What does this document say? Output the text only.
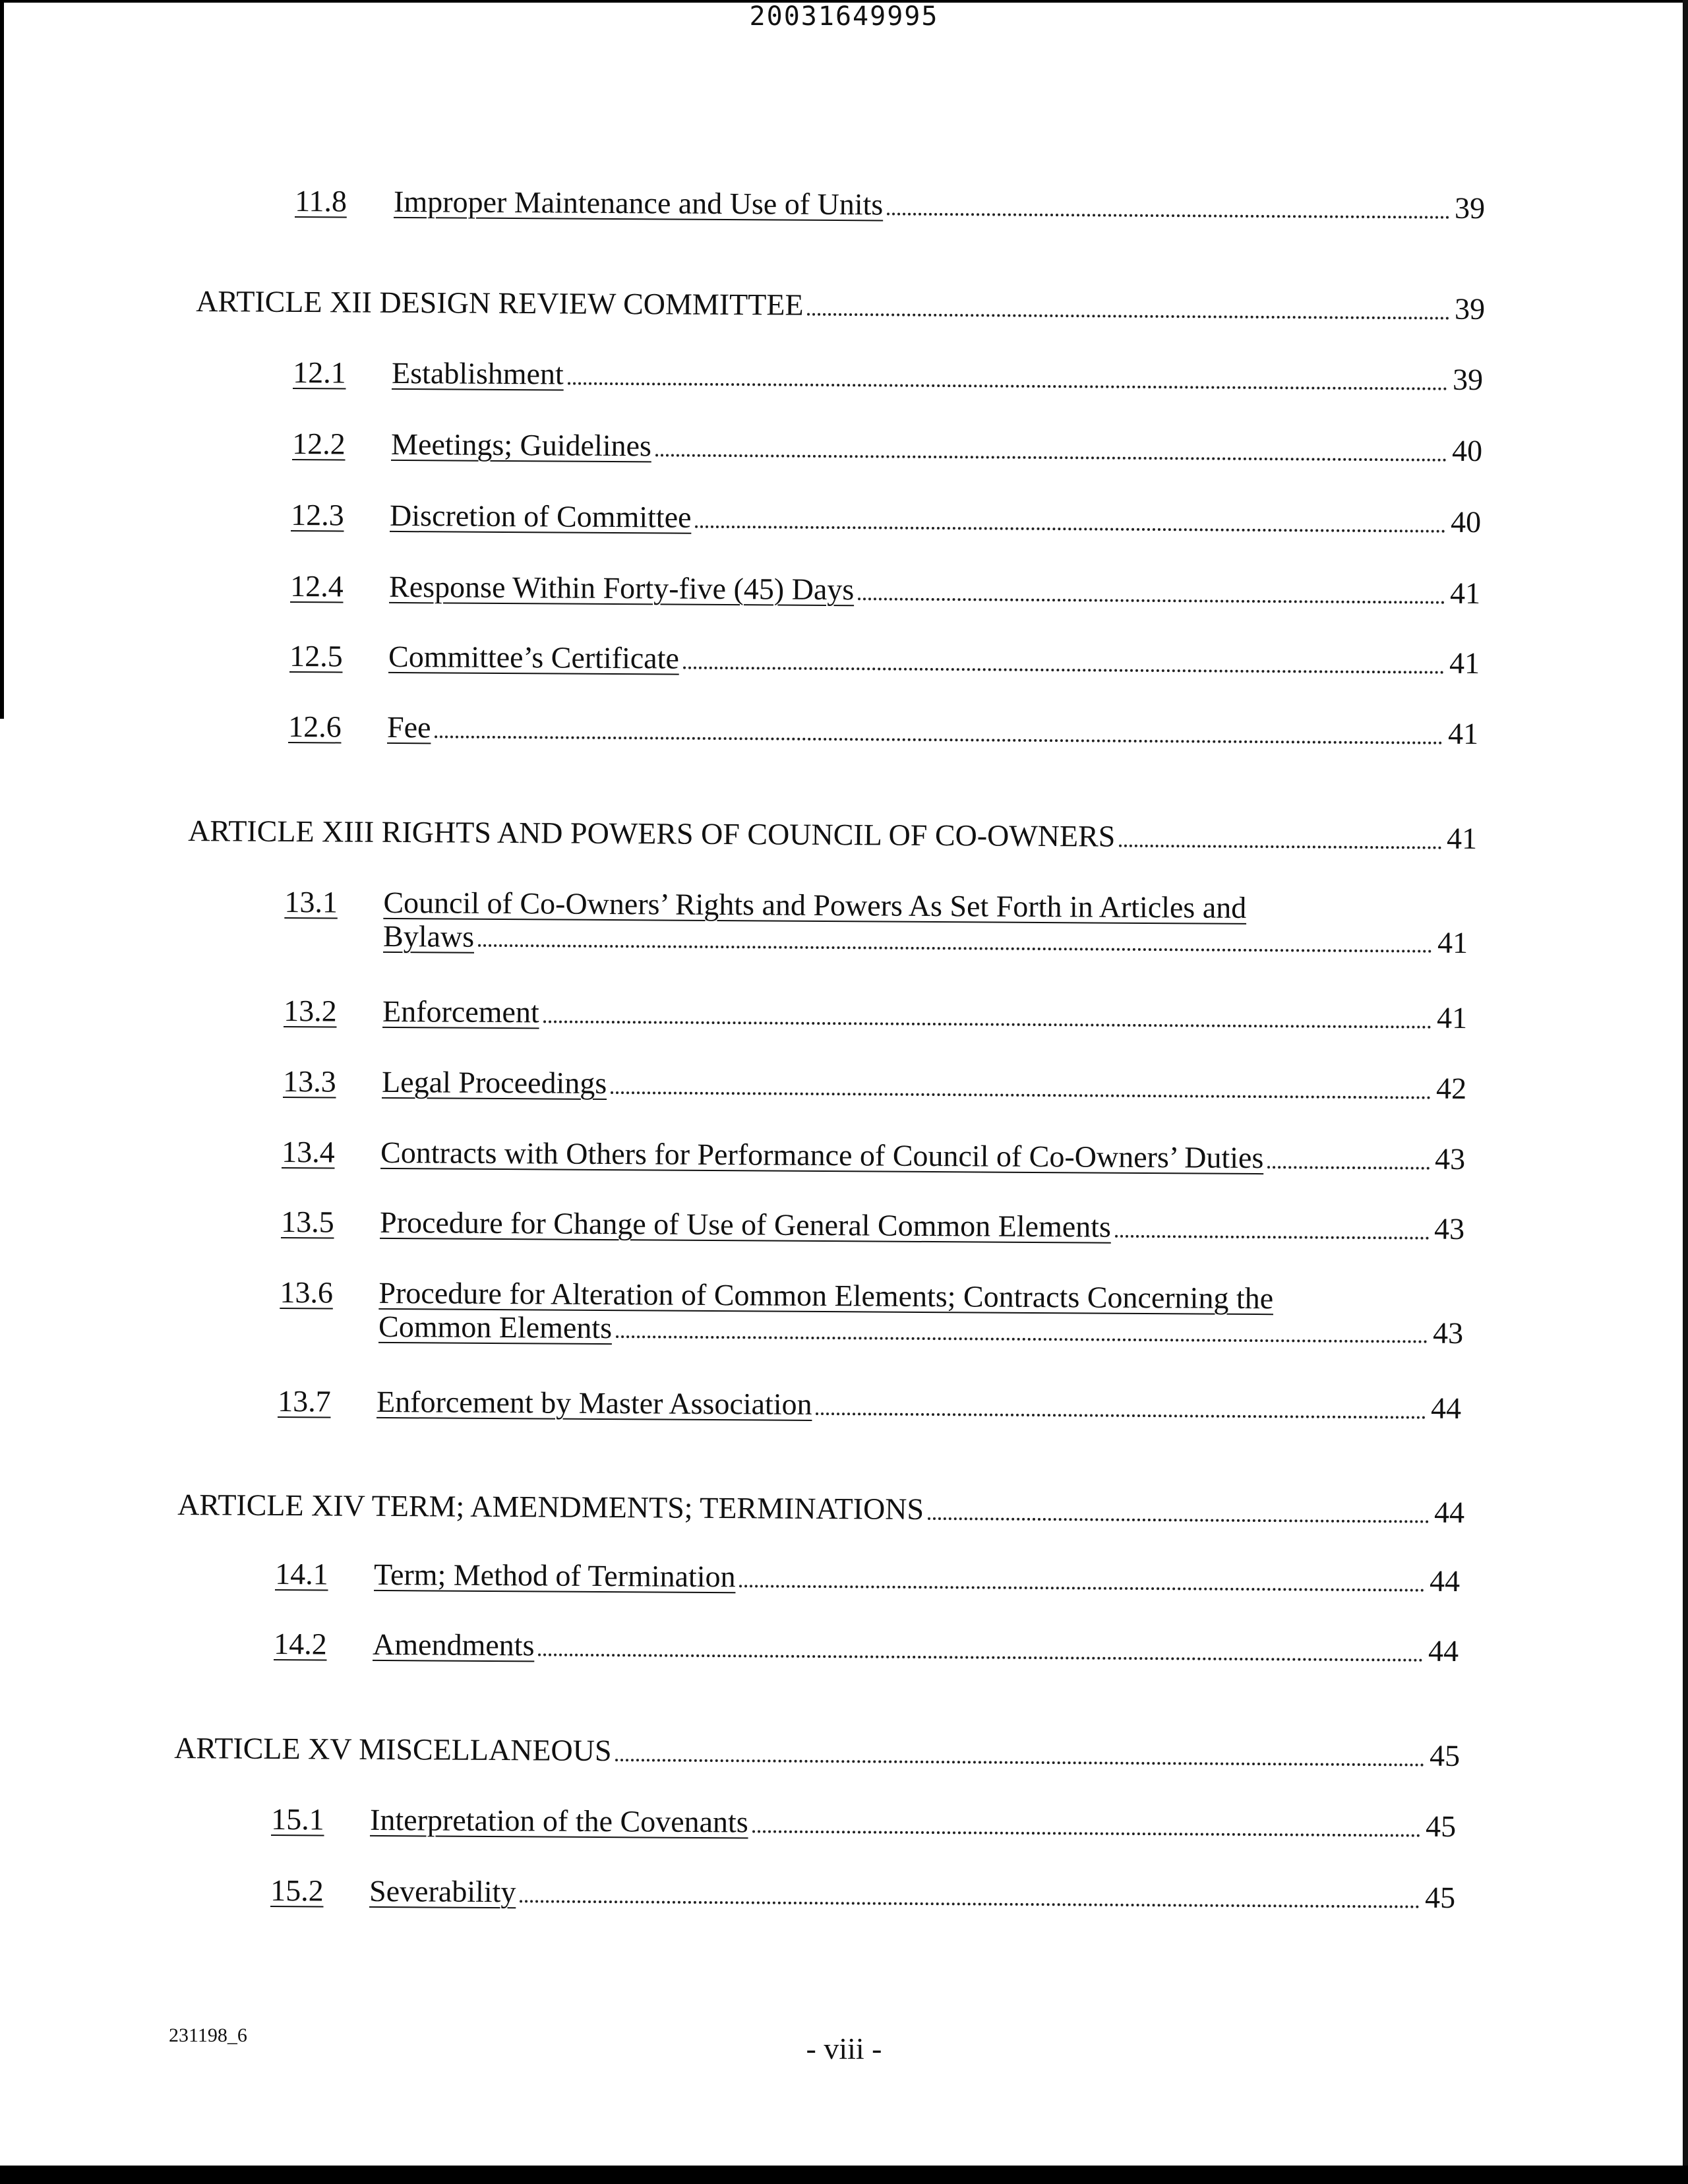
20031649995
11.8	Improper Maintenance and Use of Units	39
ARTICLE XII DESIGN REVIEW COMMITTEE	39
12.1	Establishment	39
12.2	Meetings; Guidelines	40
12.3	Discretion of Committee	40
12.4	Response Within Forty-five (45) Days	41
12.5	Committee’s Certificate	41
12.6	Fee	41
ARTICLE XIII RIGHTS AND POWERS OF COUNCIL OF CO-OWNERS	41
13.1	Council of Co-Owners’ Rights and Powers As Set Forth in Articles and
Bylaws	41
13.2	Enforcement	41
13.3	Legal Proceedings	42
13.4	Contracts with Others for Performance of Council of Co-Owners’ Duties	43
13.5	Procedure for Change of Use of General Common Elements	43
13.6	Procedure for Alteration of Common Elements; Contracts Concerning the
Common Elements	43
13.7	Enforcement by Master Association	44
ARTICLE XIV TERM; AMENDMENTS; TERMINATIONS	44
14.1	Term; Method of Termination	44
14.2	Amendments	44
ARTICLE XV MISCELLANEOUS	45
15.1	Interpretation of the Covenants	45
15.2	Severability	45
231198_6	- viii -
